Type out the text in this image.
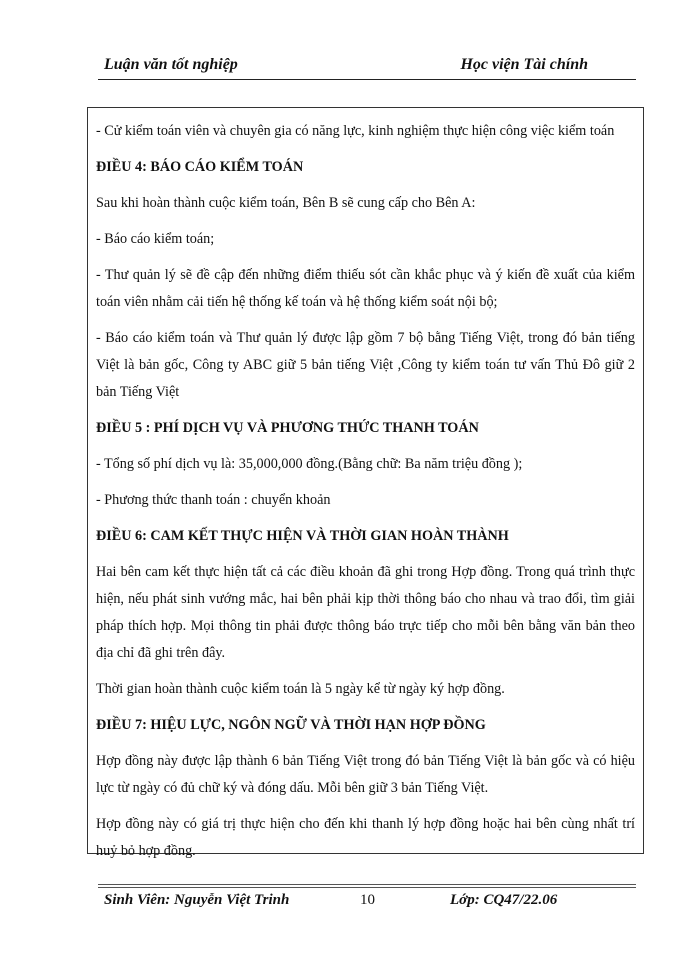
Luận văn tốt nghiệp	Học viện Tài chính

- Cử kiểm toán viên và chuyên gia có năng lực, kinh nghiệm thực hiện công việc kiểm toán

ĐIỀU 4: BÁO CÁO KIỂM TOÁN

Sau khi hoàn thành cuộc kiểm toán, Bên B sẽ cung cấp cho Bên A:

- Báo cáo kiểm toán;

- Thư quản lý sẽ đề cập đến những điểm thiếu sót cần khắc phục và ý kiến đề xuất của kiểm toán viên nhằm cải tiến hệ thống kế toán và hệ thống kiểm soát nội bộ;

- Báo cáo kiểm toán và Thư quản lý được lập gồm 7 bộ bằng Tiếng Việt, trong đó bản tiếng Việt là bản gốc, Công ty ABC giữ 5 bản tiếng Việt ,Công ty kiểm toán tư vấn Thủ Đô giữ 2 bản Tiếng Việt

ĐIỀU 5 : PHÍ DỊCH VỤ VÀ PHƯƠNG THỨC THANH TOÁN

- Tổng số phí dịch vụ là: 35,000,000 đồng.(Bằng chữ: Ba năm triệu đồng );

- Phương thức thanh toán : chuyển khoản

ĐIỀU 6: CAM KẾT THỰC HIỆN VÀ THỜI GIAN HOÀN THÀNH

Hai bên cam kết thực hiện tất cả các điều khoản đã ghi trong Hợp đồng. Trong quá trình thực hiện, nếu phát sinh vướng mắc, hai bên phải kịp thời thông báo cho nhau và trao đổi, tìm giải pháp thích hợp. Mọi thông tin phải được thông báo trực tiếp cho mỗi bên bằng văn bản theo địa chỉ đã ghi trên đây.

Thời gian hoàn thành cuộc kiểm toán là 5 ngày kể từ ngày ký hợp đồng.

ĐIỀU 7: HIỆU LỰC, NGÔN NGỮ VÀ THỜI HẠN HỢP ĐỒNG

Hợp đồng này được lập thành 6 bản Tiếng Việt trong đó bản Tiếng Việt là bản gốc và có hiệu lực từ ngày có đủ chữ ký và đóng dấu. Mỗi bên giữ 3 bản Tiếng Việt.

Hợp đồng này có giá trị thực hiện cho đến khi thanh lý hợp đồng hoặc hai bên cùng nhất trí huỷ bỏ hợp đồng.

Sinh Viên: Nguyễn Việt Trinh	10	Lớp: CQ47/22.06
